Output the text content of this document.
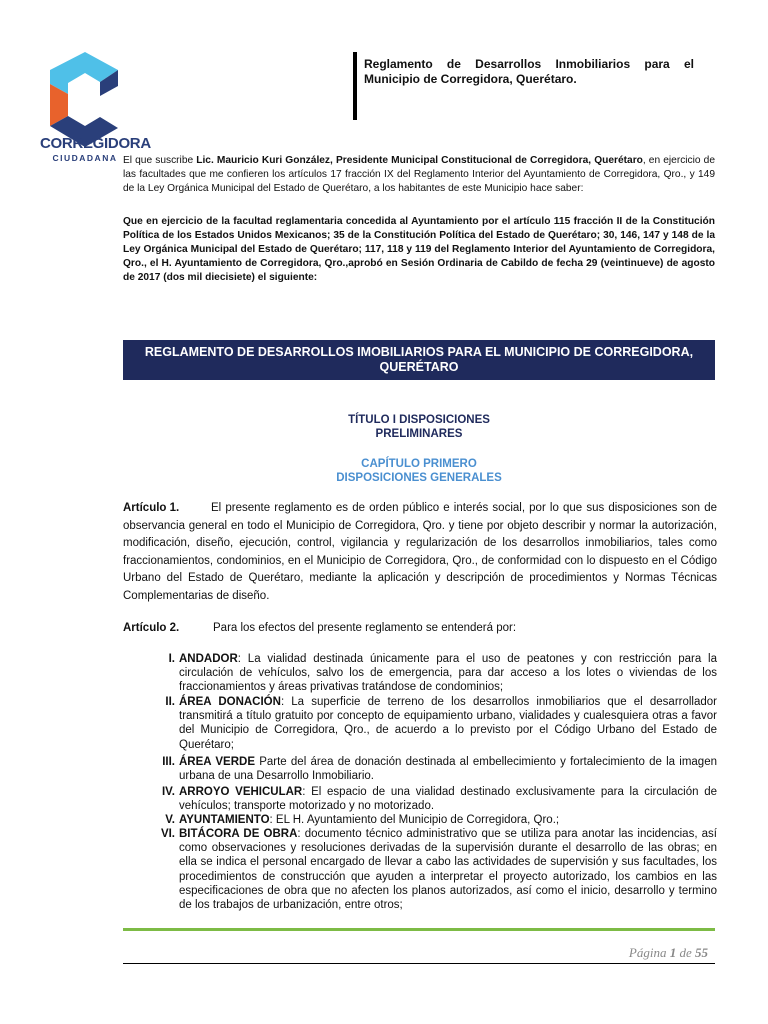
CORREGIDORA
CIUDADANA
Reglamento de Desarrollos Inmobiliarios para el Municipio de Corregidora, Querétaro.
El que suscribe Lic. Mauricio Kuri González, Presidente Municipal Constitucional de Corregidora, Querétaro, en ejercicio de las facultades que me confieren los artículos 17 fracción IX del Reglamento Interior del Ayuntamiento de Corregidora, Qro., y 149 de la Ley Orgánica Municipal del Estado de Querétaro, a los habitantes de este Municipio hace saber:
Que en ejercicio de la facultad reglamentaria concedida al Ayuntamiento por el artículo 115 fracción II de la Constitución Política de los Estados Unidos Mexicanos; 35 de la Constitución Política del Estado de Querétaro; 30, 146, 147 y 148 de la Ley Orgánica Municipal del Estado de Querétaro; 117, 118 y 119 del Reglamento Interior del Ayuntamiento de Corregidora, Qro., el H. Ayuntamiento de Corregidora, Qro.,aprobó en Sesión Ordinaria de Cabildo de fecha 29 (veintinueve) de agosto de 2017 (dos mil diecisiete) el siguiente:
REGLAMENTO DE DESARROLLOS IMOBILIARIOS PARA EL MUNICIPIO DE CORREGIDORA, QUERÉTARO
TÍTULO I DISPOSICIONES
PRELIMINARES
CAPÍTULO PRIMERO
DISPOSICIONES GENERALES
Artículo 1.	El presente reglamento es de orden público e interés social, por lo que sus disposiciones son de observancia general en todo el Municipio de Corregidora, Qro. y tiene por objeto describir y normar la autorización, modificación, diseño, ejecución, control, vigilancia y regularización de los desarrollos inmobiliarios, tales como fraccionamientos, condominios, en el Municipio de Corregidora, Qro., de conformidad con lo dispuesto en el Código Urbano del Estado de Querétaro, mediante la aplicación y descripción de procedimientos y Normas Técnicas Complementarias de diseño.
Artículo 2.	Para los efectos del presente reglamento se entenderá por:
I. ANDADOR: La vialidad destinada únicamente para el uso de peatones y con restricción para la circulación de vehículos, salvo los de emergencia, para dar acceso a los lotes o viviendas de los fraccionamientos y áreas privativas tratándose de condominios;
II. ÁREA DONACIÓN: La superficie de terreno de los desarrollos inmobiliarios que el desarrollador transmitirá a título gratuito por concepto de equipamiento urbano, vialidades y cualesquiera otras a favor del Municipio de Corregidora, Qro., de acuerdo a lo previsto por el Código Urbano del Estado de Querétaro;
III. ÁREA VERDE Parte del área de donación destinada al embellecimiento y fortalecimiento de la imagen urbana de una Desarrollo Inmobiliario.
IV. ARROYO VEHICULAR: El espacio de una vialidad destinado exclusivamente para la circulación de vehículos; transporte motorizado y no motorizado.
V. AYUNTAMIENTO: EL H. Ayuntamiento del Municipio de Corregidora, Qro.;
VI. BITÁCORA DE OBRA: documento técnico administrativo que se utiliza para anotar las incidencias, así como observaciones y resoluciones derivadas de la supervisión durante el desarrollo de las obras; en ella se indica el personal encargado de llevar a cabo las actividades de supervisión y sus facultades, los procedimientos de construcción que ayuden a interpretar el proyecto autorizado, los cambios en las especificaciones de obra que no afecten los planos autorizados, así como el inicio, desarrollo y termino de los trabajos de urbanización, entre otros;
Página 1 de 55
